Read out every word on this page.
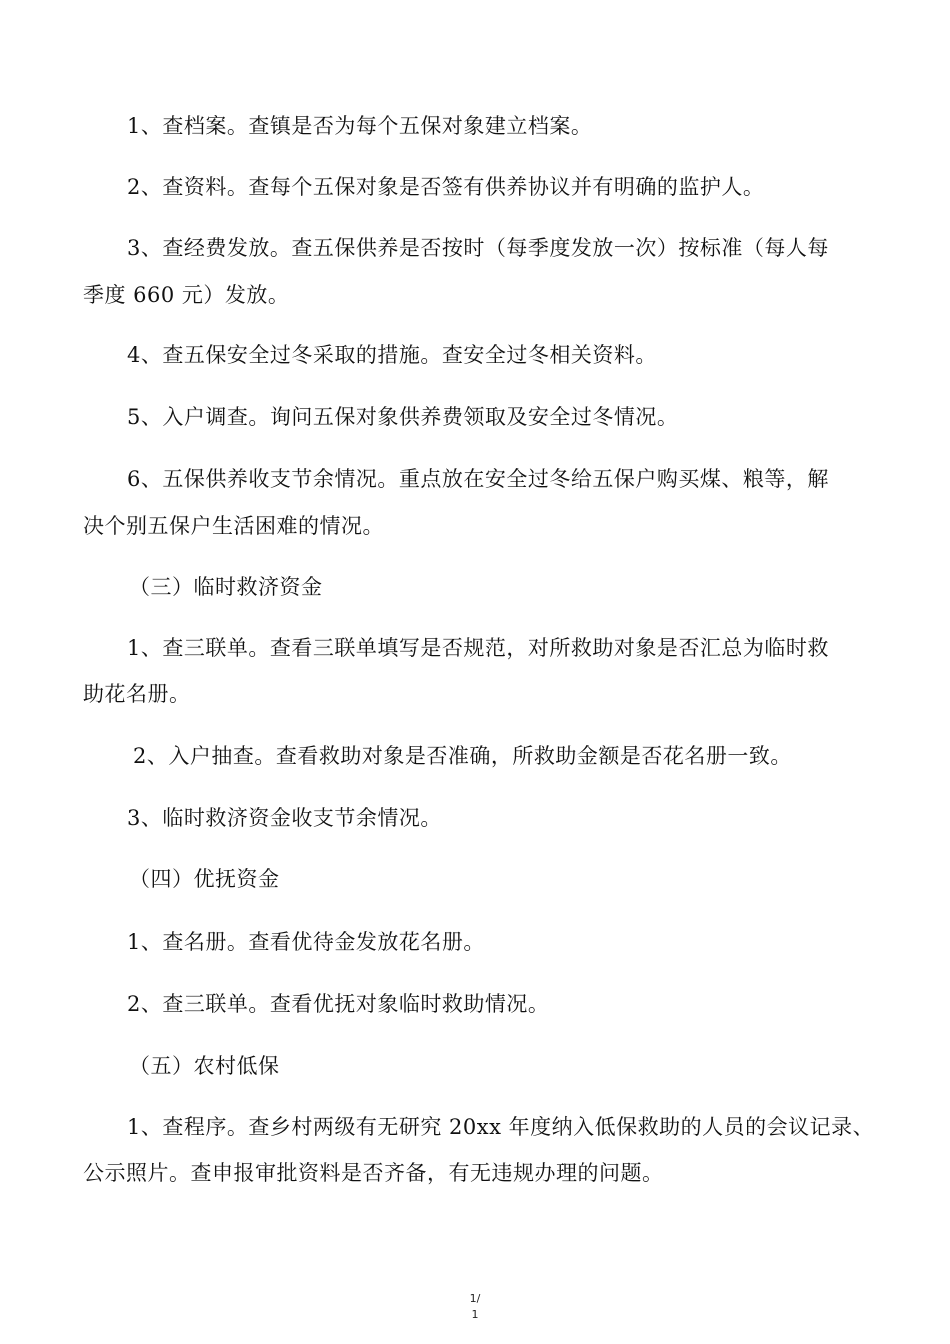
1、查档案。查镇是否为每个五保对象建立档案。
2、查资料。查每个五保对象是否签有供养协议并有明确的监护人。
3、查经费发放。查五保供养是否按时（每季度发放一次）按标准（每人每
季度 660 元）发放。
4、查五保安全过冬采取的措施。查安全过冬相关资料。
5、入户调查。询问五保对象供养费领取及安全过冬情况。
6、五保供养收支节余情况。重点放在安全过冬给五保户购买煤、粮等，解
决个别五保户生活困难的情况。
（三）临时救济资金
1、查三联单。查看三联单填写是否规范，对所救助对象是否汇总为临时救
助花名册。
2、入户抽查。查看救助对象是否准确，所救助金额是否花名册一致。
3、临时救济资金收支节余情况。
（四）优抚资金
1、查名册。查看优待金发放花名册。
2、查三联单。查看优抚对象临时救助情况。
（五）农村低保
1、查程序。查乡村两级有无研究 20xx 年度纳入低保救助的人员的会议记录、
公示照片。查申报审批资料是否齐备，有无违规办理的问题。
1/
1
